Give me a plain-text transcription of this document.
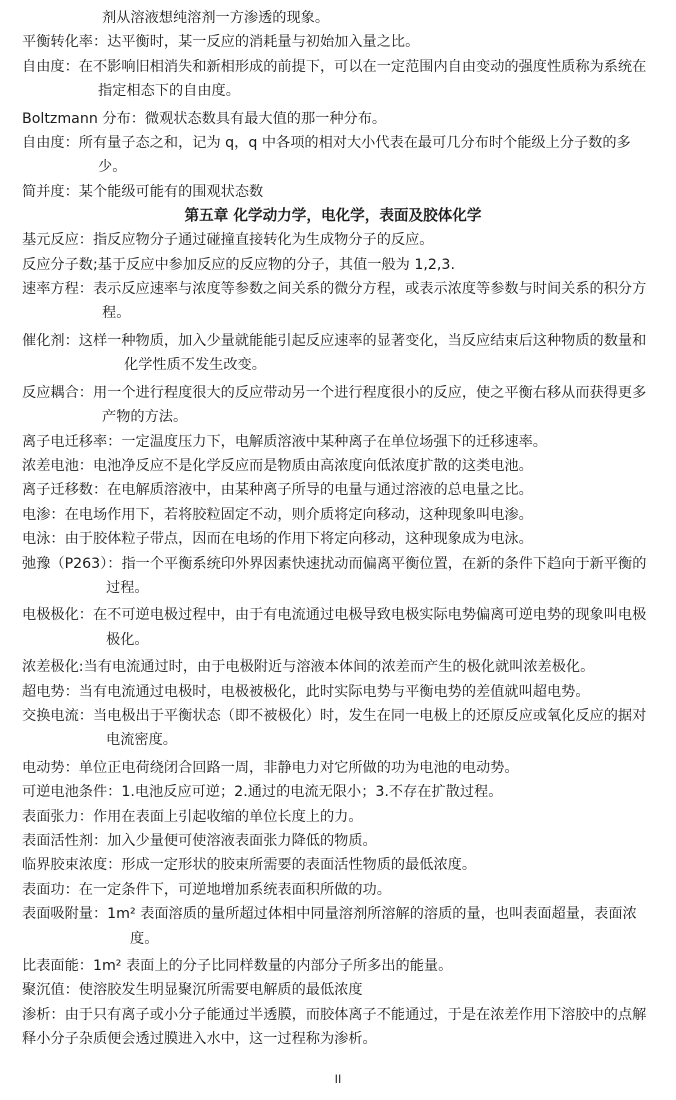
剂从溶液想纯溶剂一方渗透的现象。
平衡转化率：达平衡时，某一反应的消耗量与初始加入量之比。
自由度：在不影响旧相消失和新相形成的前提下，可以在一定范围内自由变动的强度性质称为系统在指定相态下的自由度。
Boltzmann 分布：微观状态数具有最大值的那一种分布。
自由度：所有量子态之和，记为 q，q 中各项的相对大小代表在最可几分布时个能级上分子数的多少。
简并度：某个能级可能有的围观状态数
第五章 化学动力学，电化学，表面及胶体化学
基元反应：指反应物分子通过碰撞直接转化为生成物分子的反应。
反应分子数;基于反应中参加反应的反应物的分子，其值一般为 1,2,3.
速率方程：表示反应速率与浓度等参数之间关系的微分方程，或表示浓度等参数与时间关系的积分方程。
催化剂：这样一种物质，加入少量就能能引起反应速率的显著变化，当反应结束后这种物质的数量和化学性质不发生改变。
反应耦合：用一个进行程度很大的反应带动另一个进行程度很小的反应，使之平衡右移从而获得更多产物的方法。
离子电迁移率：一定温度压力下，电解质溶液中某种离子在单位场强下的迁移速率。
浓差电池：电池净反应不是化学反应而是物质由高浓度向低浓度扩散的这类电池。
离子迁移数：在电解质溶液中，由某种离子所导的电量与通过溶液的总电量之比。
电渗：在电场作用下，若将胶粒固定不动，则介质将定向移动，这种现象叫电渗。
电泳：由于胶体粒子带点，因而在电场的作用下将定向移动，这种现象成为电泳。
弛豫（P263）：指一个平衡系统印外界因素快速扰动而偏离平衡位置，在新的条件下趋向于新平衡的过程。
电极极化：在不可逆电极过程中，由于有电流通过电极导致电极实际电势偏离可逆电势的现象叫电极极化。
浓差极化:当有电流通过时，由于电极附近与溶液本体间的浓差而产生的极化就叫浓差极化。
超电势：当有电流通过电极时，电极被极化，此时实际电势与平衡电势的差值就叫超电势。
交换电流：当电极出于平衡状态（即不被极化）时，发生在同一电极上的还原反应或氧化反应的据对电流密度。
电动势：单位正电荷绕闭合回路一周，非静电力对它所做的功为电池的电动势。
可逆电池条件：1.电池反应可逆；2.通过的电流无限小；3.不存在扩散过程。
表面张力：作用在表面上引起收缩的单位长度上的力。
表面活性剂：加入少量便可使溶液表面张力降低的物质。
临界胶束浓度：形成一定形状的胶束所需要的表面活性物质的最低浓度。
表面功：在一定条件下，可逆地增加系统表面积所做的功。
表面吸附量：1m² 表面溶质的量所超过体相中同量溶剂所溶解的溶质的量，也叫表面超量，表面浓度。
比表面能：1m² 表面上的分子比同样数量的内部分子所多出的能量。
聚沉值：使溶胶发生明显聚沉所需要电解质的最低浓度
渗析：由于只有离子或小分子能通过半透膜，而胶体离子不能通过，于是在浓差作用下溶胶中的点解释小分子杂质便会透过膜进入水中，这一过程称为渗析。
II
